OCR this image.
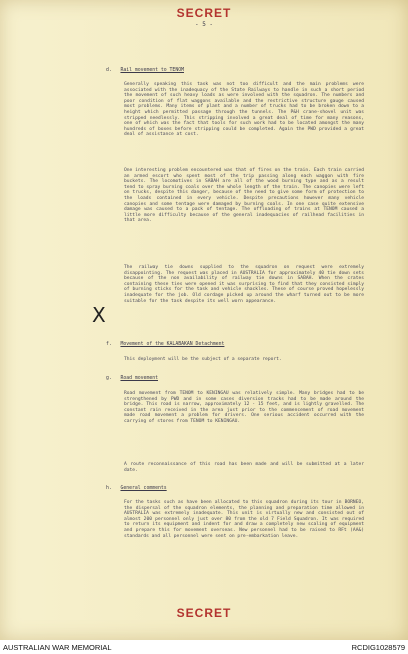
SECRET
- 5 -
d. Rail movement to TENOM
Generally speaking this task was not too difficult and the main problems were associated with the inadequacy of the State Railways to handle in such a short period the movement of such heavy loads as were involved with the squadron. The numbers and poor condition of flat waggons available and the restrictive structure gauge caused most problems. Many items of plant and a number of trucks had to be broken down to a height which permitted passage through the tunnels. The P&H crane-shovel unit was stripped needlessly. This stripping involved a great deal of time for many reasons, one of which was the fact that tools for such work had to be located amongst the many hundreds of boxes before stripping could be completed. Again the PWD provided a great deal of assistance at cost.
One interesting problem encountered was that of fires on the train. Each train carried an armed escort who spent most of the trip passing along each waggon with fire buckets. The locomotives in SABAH are all of the wood burning type and as a result tend to spray burning coals over the whole length of the train. The canopies were left on trucks, despite this danger, because of the need to give some form of protection to the loads contained in every vehicle. Despite precautions however many vehicle canopies and some tentage were damaged by burning coals. In one case quite extensive damage was caused to a pack of tentage. The offloading of trains at TENOM caused a little more difficulty because of the general inadequacies of railhead facilities in that area.
The railway tie downs supplied to the squadron on request were extremely disappointing. The request was placed in AUSTRALIA for approximately 40 tie down sets because of the non availability of railway tie downs in SABAH. When the crates containing these ties were opened it was surprising to find that they consisted simply of burning sticks for the task and vehicle shackles. These of course proved hopelessly inadequate for the job. Old cordage picked up around the wharf turned out to be more suitable for the task despite its well worn appearance.
X
f. Movement of the KALABAKAN Detachment
This deployment will be the subject of a separate report.
g. Road movement
Road movement from TENOM to KENINGAU was relatively simple. Many bridges had to be strengthened by PWD and in some cases diversion tracks had to be made around the bridge. This road is narrow, approximately 12 - 15 feet, and is lightly gravelled. The constant rain received in the area just prior to the commencement of road movement made road movement a problem for drivers. One serious accident occurred with the carrying of stores from TENOM to KENINGAU.
A route reconnaissance of this road has been made and will be submitted at a later date.
h. General comments
For the tasks such as have been allocated to this squadron during its tour in BORNEO, the dispersal of the squadron elements, the planning and preparation time allowed in AUSTRALIA was extremely inadequate. This unit is virtually new and consisted out of almost 200 personnel only just over 80 from the old 7 Field Squadron. It was required to return its equipment and indent for and draw a completely new scaling of equipment and prepare this for movement overseas. New personnel had to be raised to RFt (AA&) standards and all personnel were sent on pre-embarkation leave.
SECRET
AUSTRALIAN WAR MEMORIAL	RCDIG1028579
